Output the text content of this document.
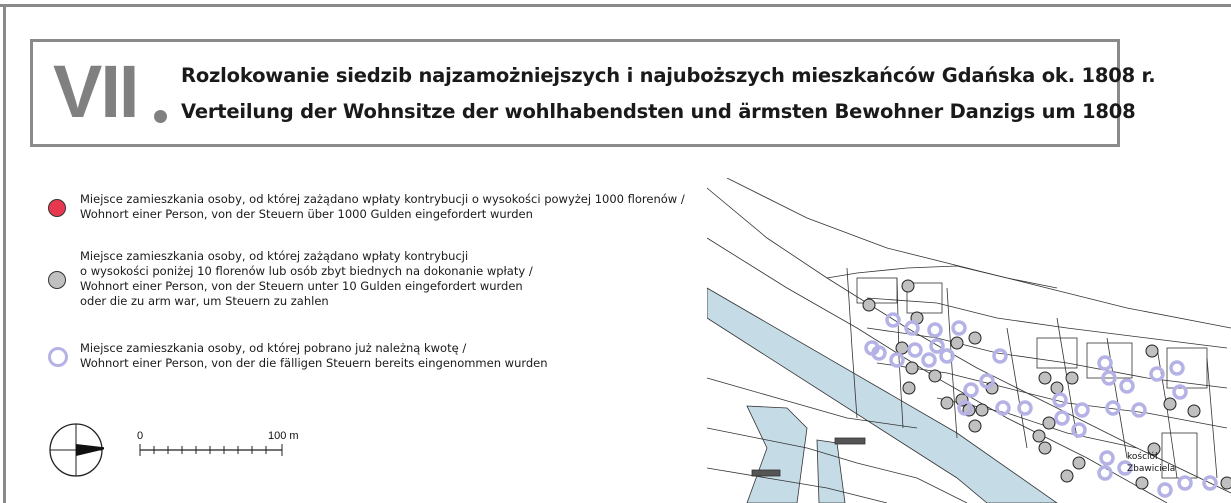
VII Rozlokowanie siedzib najzamożniejszych i najuboższych mieszkańców Gdańska ok. 1808 r.
Verteilung der Wohnsitze der wohlhabendsten und ärmsten Bewohner Danzigs um 1808
Miejsce zamieszkania osoby, od której zażądano wpłaty kontrybucji o wysokości powyżej 1000 florenów /
Wohnort einer Person, von der Steuern über 1000 Gulden eingefordert wurden
Miejsce zamieszkania osoby, od której zażądano wpłaty kontrybucji
o wysokości poniżej 10 florenów lub osób zbyt biednych na dokonanie wpłaty /
Wohnort einer Person, von der Steuern unter 10 Gulden eingefordert wurden
oder die zu arm war, um Steuern zu zahlen
Miejsce zamieszkania osoby, od której pobrano już należną kwotę /
Wohnort einer Person, von der die fälligen Steuern bereits eingenommen wurden
0	100 m
kościół
Zbawiciela
